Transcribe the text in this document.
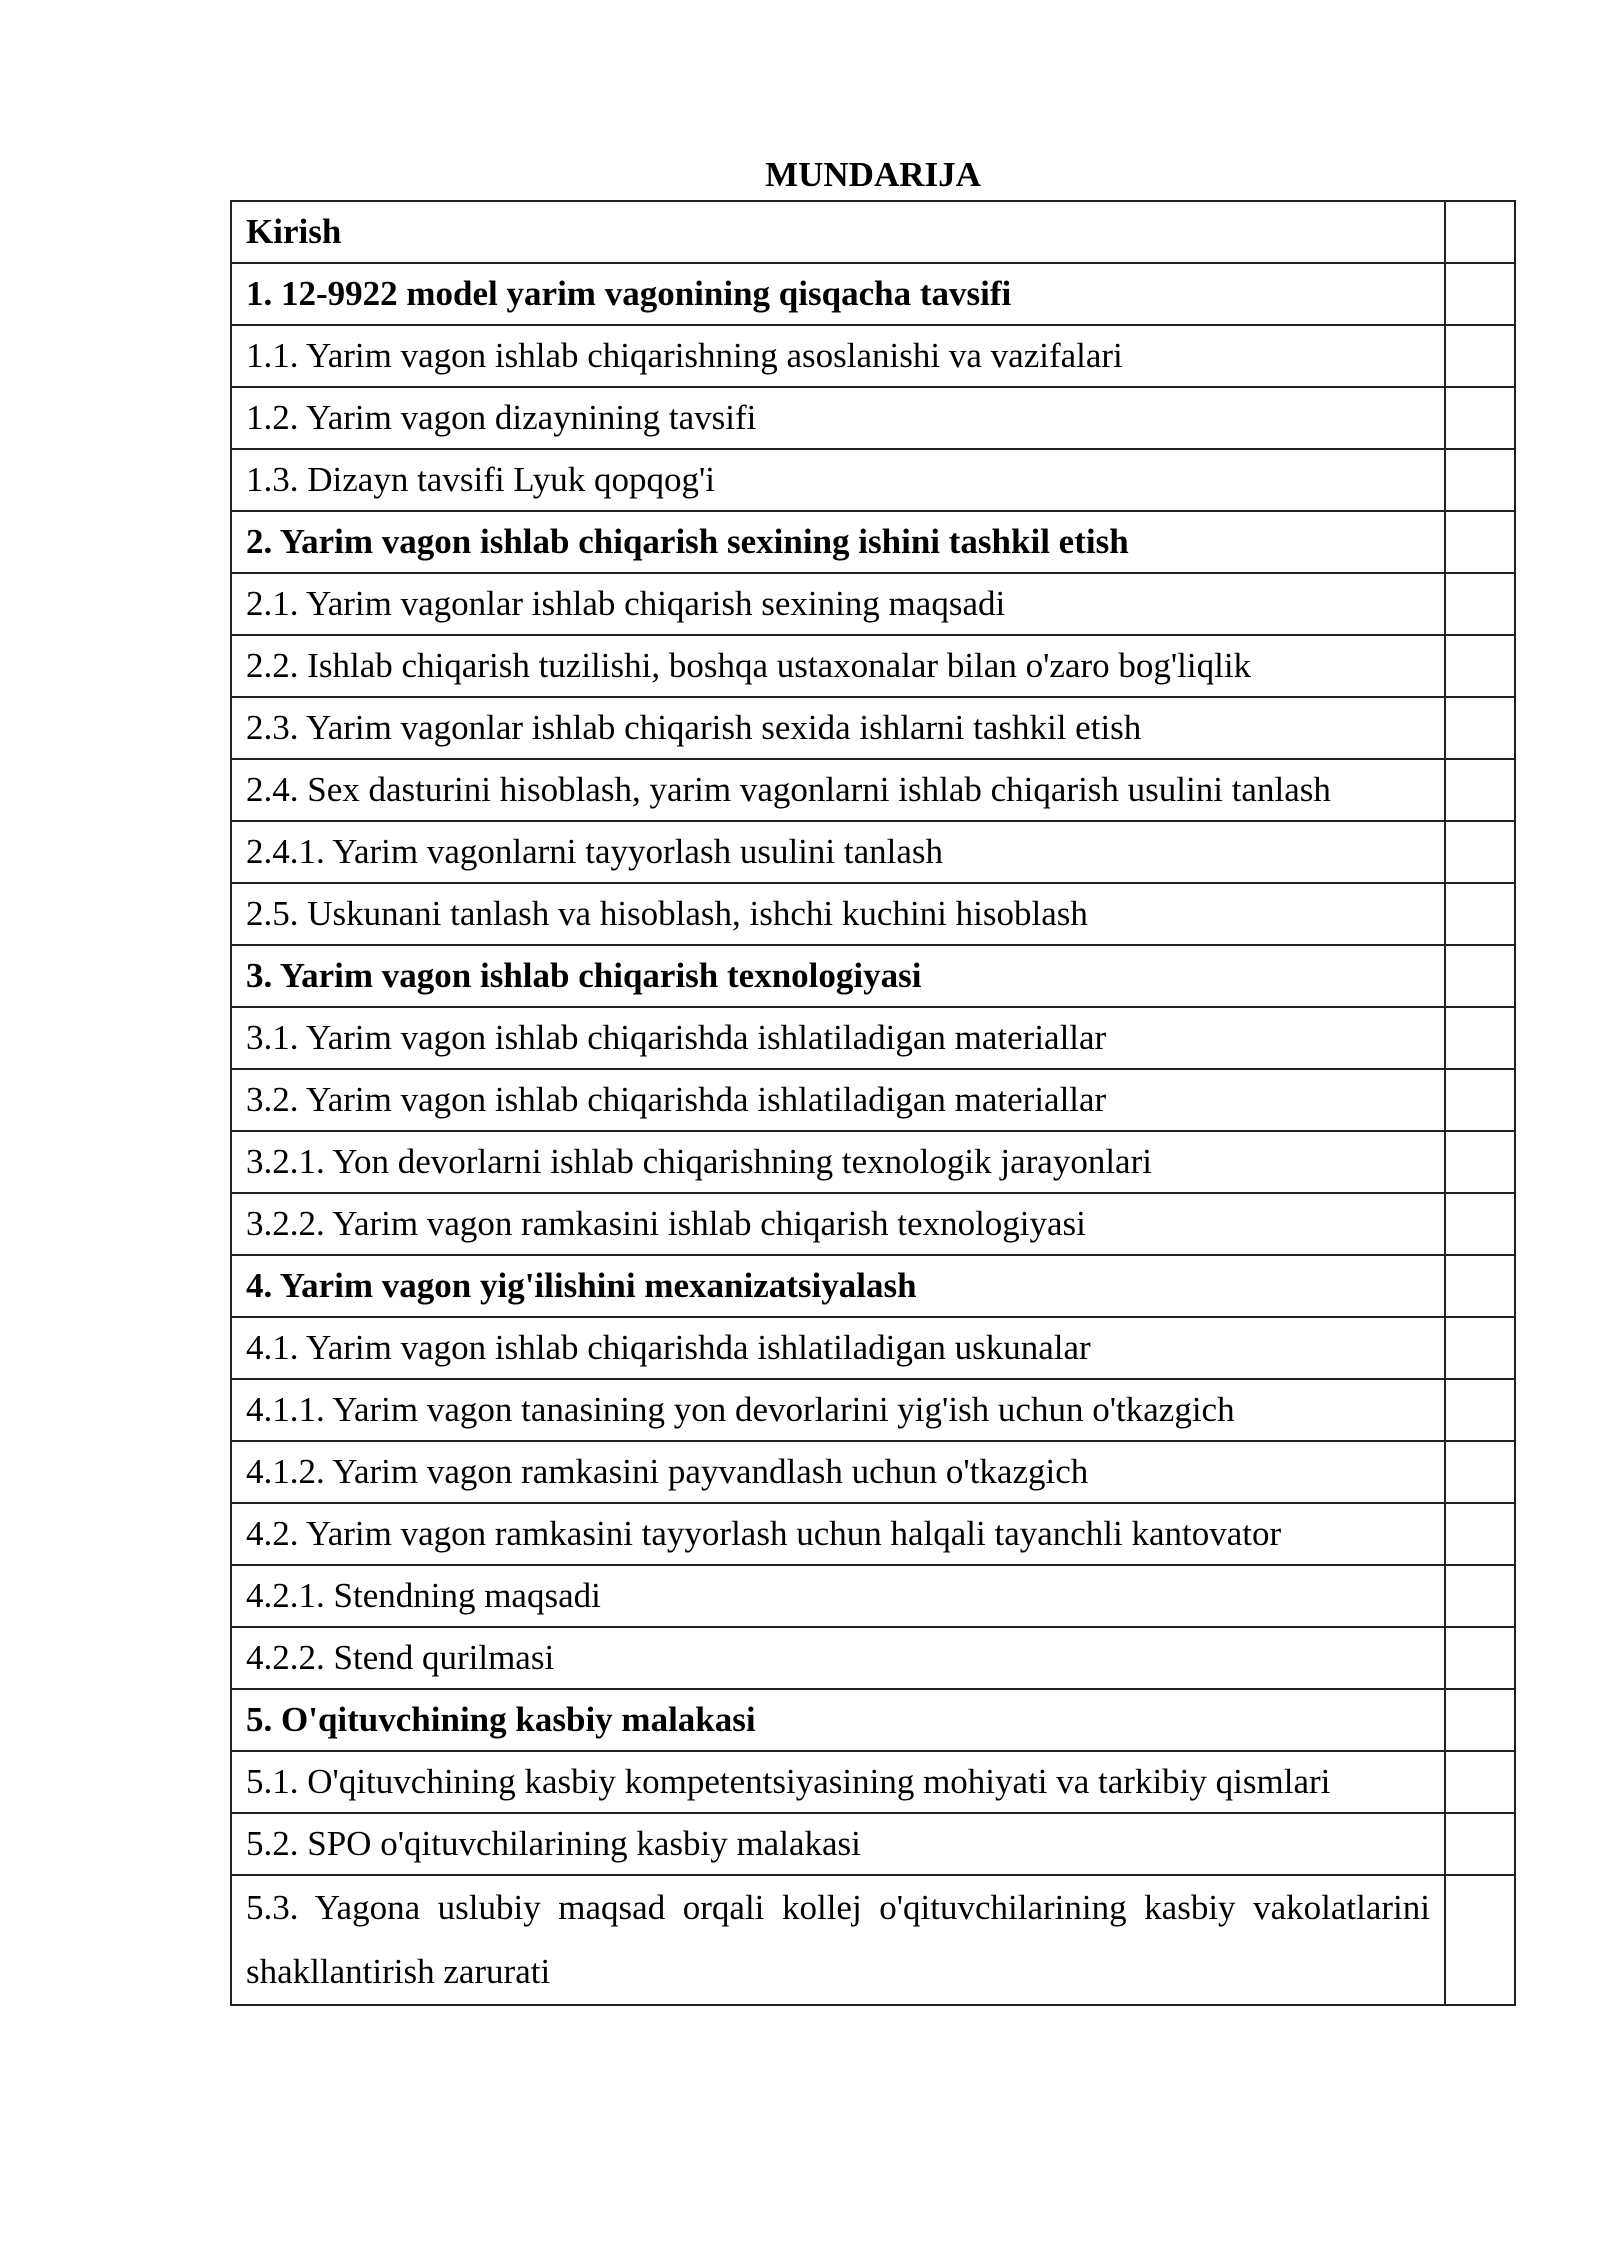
MUNDARIJA
Kirish	
1. 12-9922 model yarim vagonining qisqacha tavsifi	
1.1. Yarim vagon ishlab chiqarishning asoslanishi va vazifalari	
1.2. Yarim vagon dizaynining tavsifi	
1.3. Dizayn tavsifi Lyuk qopqog'i	
2. Yarim vagon ishlab chiqarish sexining ishini tashkil etish	
2.1. Yarim vagonlar ishlab chiqarish sexining maqsadi	
2.2. Ishlab chiqarish tuzilishi, boshqa ustaxonalar bilan o'zaro bog'liqlik	
2.3. Yarim vagonlar ishlab chiqarish sexida ishlarni tashkil etish	
2.4. Sex dasturini hisoblash, yarim vagonlarni ishlab chiqarish usulini tanlash	
2.4.1. Yarim vagonlarni tayyorlash usulini tanlash	
2.5. Uskunani tanlash va hisoblash, ishchi kuchini hisoblash	
3. Yarim vagon ishlab chiqarish texnologiyasi	
3.1. Yarim vagon ishlab chiqarishda ishlatiladigan materiallar	
3.2. Yarim vagon ishlab chiqarishda ishlatiladigan materiallar	
3.2.1. Yon devorlarni ishlab chiqarishning texnologik jarayonlari	
3.2.2. Yarim vagon ramkasini ishlab chiqarish texnologiyasi	
4. Yarim vagon yig'ilishini mexanizatsiyalash	
4.1. Yarim vagon ishlab chiqarishda ishlatiladigan uskunalar	
4.1.1. Yarim vagon tanasining yon devorlarini yig'ish uchun o'tkazgich	
4.1.2. Yarim vagon ramkasini payvandlash uchun o'tkazgich	
4.2. Yarim vagon ramkasini tayyorlash uchun halqali tayanchli kantovator	
4.2.1. Stendning maqsadi	
4.2.2. Stend qurilmasi	
5. O'qituvchining kasbiy malakasi	
5.1. O'qituvchining kasbiy kompetentsiyasining mohiyati va tarkibiy qismlari	
5.2. SPO o'qituvchilarining kasbiy malakasi	
5.3. Yagona uslubiy maqsad orqali kollej o'qituvchilarining kasbiy vakolatlarini shakllantirish zarurati	
